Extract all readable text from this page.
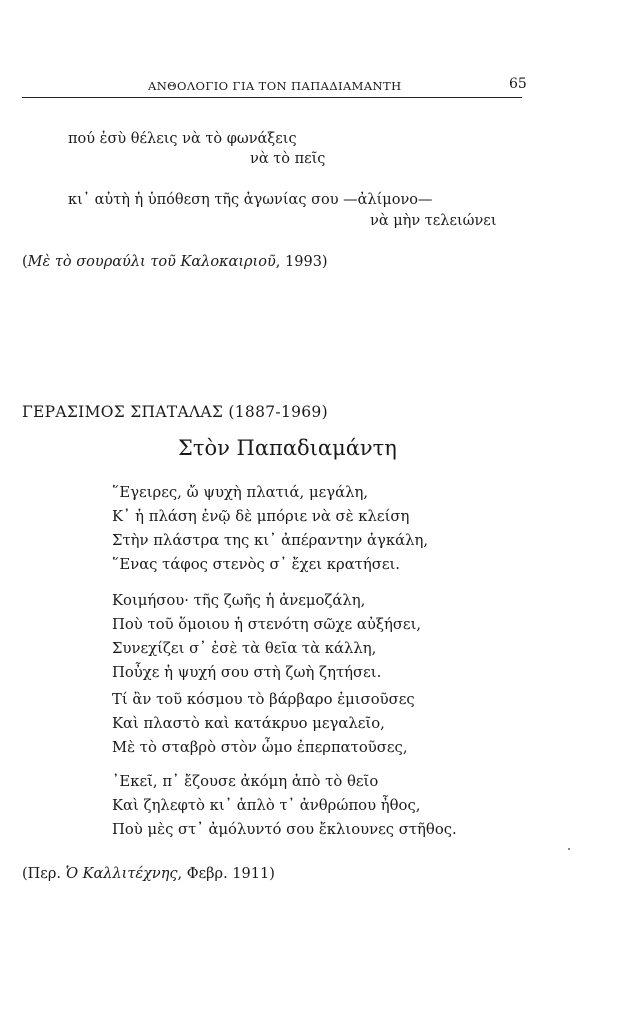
ΑΝΘΟΛΟΓΙΟ ΓΙΑ ΤΟΝ ΠΑΠΑΔΙΑΜΑΝΤΗ	65
πού ἐσὺ θέλεις νὰ τὸ φωνάξεις
νὰ τὸ πεῖς
κι᾿ αὐτὴ ἡ ὑπόθεση τῆς ἀγωνίας σου —ἀλίμονο—
νὰ μὴν τελειώνει
(Μὲ τὸ σουραύλι τοῦ Καλοκαιριοῦ, 1993)
ΓΕΡΑΣΙΜΟΣ ΣΠΑΤΑΛΑΣ (1887-1969)
Στὸν Παπαδιαμάντη
῞Εγειρες, ὤ ψυχὴ πλατιά, μεγάλη,
Κ᾿ ἡ πλάση ἐνῷ δὲ μπόριε νὰ σὲ κλείση
Στὴν πλάστρα της κι᾿ ἀπέραντην ἀγκάλη,
῞Ενας τάφος στενὸς σ᾿ ἔχει κρατήσει.
Κοιμήσου· τῆς ζωῆς ἡ ἀνεμοζάλη,
Ποὺ τοῦ ὅμοιου ἡ στενότη σῶχε αὐξήσει,
Συνεχίζει σ᾿ ἐσὲ τὰ θεῖα τὰ κάλλη,
Ποὖχε ἡ ψυχή σου στὴ ζωὴ ζητήσει.
Τί ἂν τοῦ κόσμου τὸ βάρβαρο ἐμισοῦσες
Καὶ πλαστὸ καὶ κατάκρυο μεγαλεῖο,
Μὲ τὸ σταβρὸ στὸν ὦμο ἐπερπατοῦσες,
᾿Εκεῖ, π᾿ ἔζουσε ἀκόμη ἀπὸ τὸ θεῖο
Καὶ ζηλεφτὸ κι᾿ ἁπλὸ τ᾿ ἀνθρώπου ἦθος,
Ποὺ μὲς στ᾿ ἀμόλυντό σου ἔκλιουνες στῆθος.
(Περ. Ὁ Καλλιτέχνης, Φεβρ. 1911)
